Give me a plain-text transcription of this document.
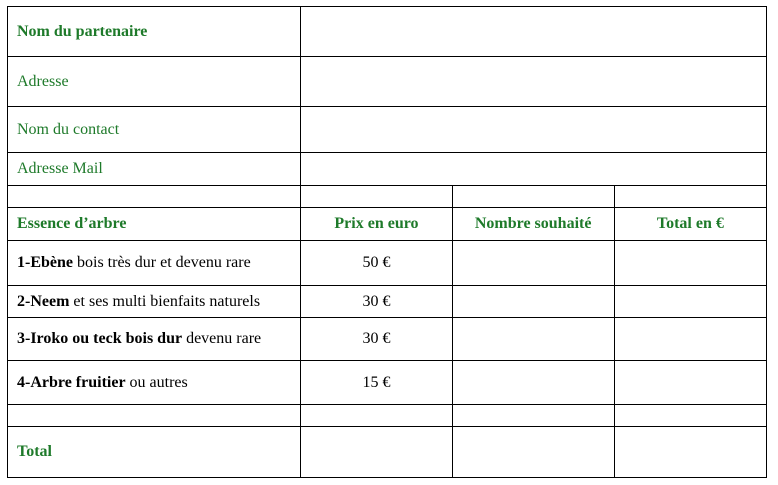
Nom du partenaire			
Adresse			
Nom du contact			
Adresse Mail			

Essence d’arbre	Prix en euro	Nombre souhaité	Total en €
1-Ebène bois très dur et devenu rare	50 €		
2-Neem et ses multi bienfaits naturels	30 €		
3-Iroko ou teck bois dur devenu rare	30 €		
4-Arbre fruitier ou autres	15 €		

Total			
